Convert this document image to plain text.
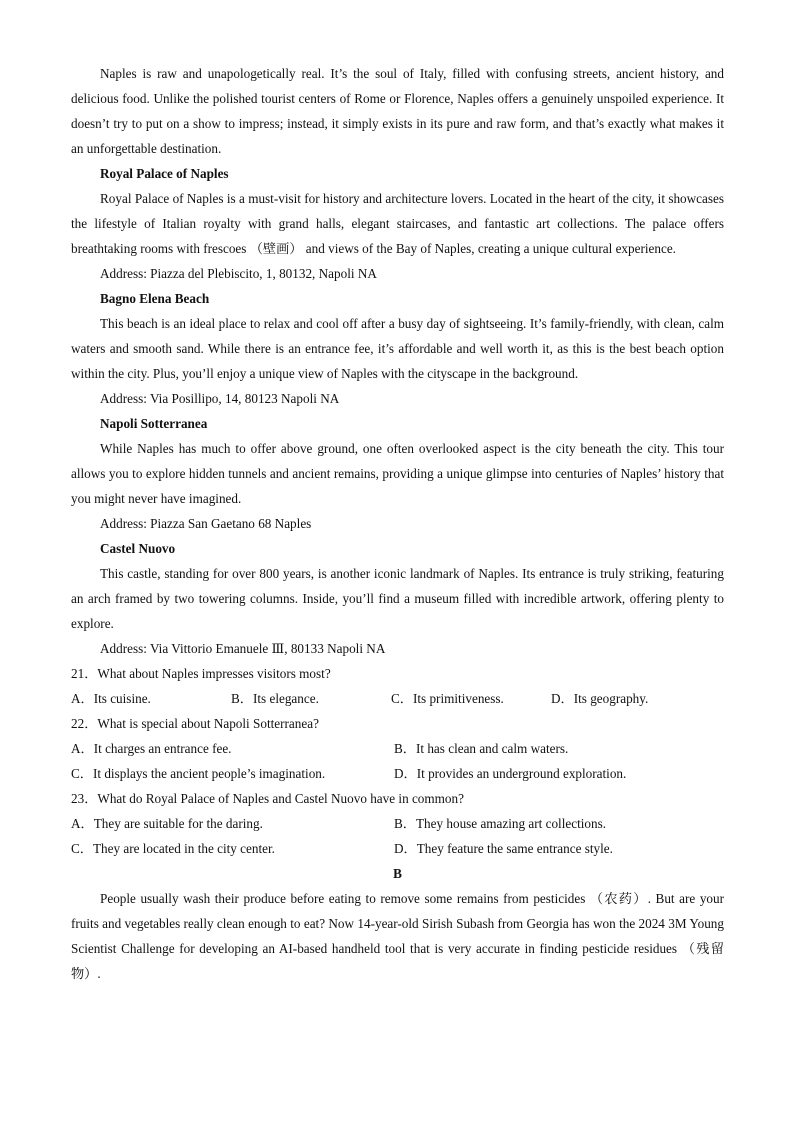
Naples is raw and unapologetically real. It’s the soul of Italy, filled with confusing streets, ancient history, and delicious food. Unlike the polished tourist centers of Rome or Florence, Naples offers a genuinely unspoiled experience. It doesn’t try to put on a show to impress; instead, it simply exists in its pure and raw form, and that’s exactly what makes it an unforgettable destination.

Royal Palace of Naples

Royal Palace of Naples is a must-visit for history and architecture lovers. Located in the heart of the city, it showcases the lifestyle of Italian royalty with grand halls, elegant staircases, and fantastic art collections. The palace offers breathtaking rooms with frescoes （壁画） and views of the Bay of Naples, creating a unique cultural experience.

Address: Piazza del Plebiscito, 1, 80132, Napoli NA

Bagno Elena Beach

This beach is an ideal place to relax and cool off after a busy day of sightseeing. It’s family-friendly, with clean, calm waters and smooth sand. While there is an entrance fee, it’s affordable and well worth it, as this is the best beach option within the city. Plus, you’ll enjoy a unique view of Naples with the cityscape in the background.

Address: Via Posillipo, 14, 80123 Napoli NA

Napoli Sotterranea

While Naples has much to offer above ground, one often overlooked aspect is the city beneath the city. This tour allows you to explore hidden tunnels and ancient remains, providing a unique glimpse into centuries of Naples’ history that you might never have imagined.

Address: Piazza San Gaetano 68 Naples

Castel Nuovo

This castle, standing for over 800 years, is another iconic landmark of Naples. Its entrance is truly striking, featuring an arch framed by two towering columns. Inside, you’ll find a museum filled with incredible artwork, offering plenty to explore.

Address: Via Vittorio Emanuele Ⅲ, 80133 Napoli NA

21．What about Naples impresses visitors most?

A．Its cuisine.	B．Its elegance.	C．Its primitiveness.	D．Its geography.

22．What is special about Napoli Sotterranea?

A．It charges an entrance fee.	B．It has clean and calm waters.
C．It displays the ancient people’s imagination.	D．It provides an underground exploration.

23．What do Royal Palace of Naples and Castel Nuovo have in common?

A．They are suitable for the daring.	B．They house amazing art collections.
C．They are located in the city center.	D．They feature the same entrance style.

B

People usually wash their produce before eating to remove some remains from pesticides （农药）. But are your fruits and vegetables really clean enough to eat? Now 14-year-old Sirish Subash from Georgia has won the 2024 3M Young Scientist Challenge for developing an AI-based handheld tool that is very accurate in finding pesticide residues （残留物）.
